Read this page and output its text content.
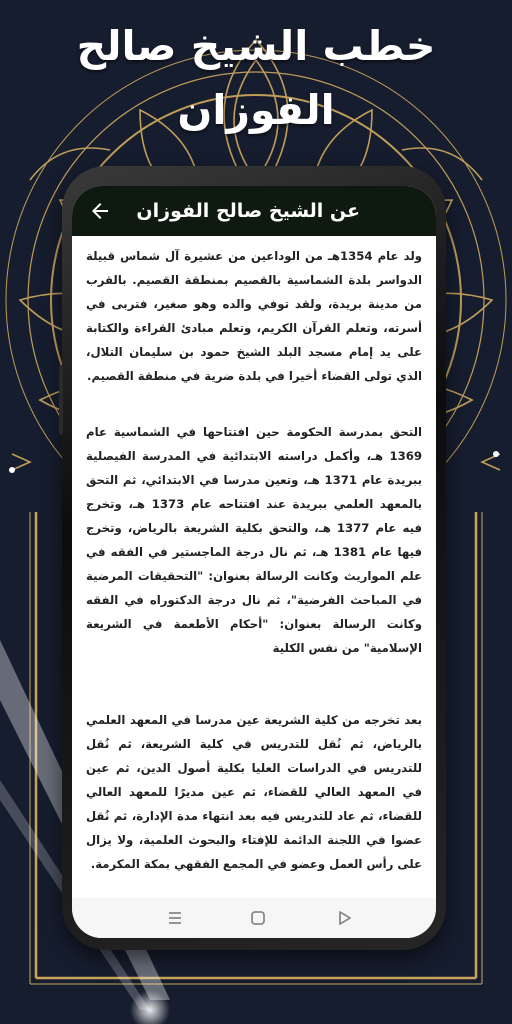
خطب الشيخ صالح الفوزان
عن الشيخ صالح الفوزان

ولد عام 1354هـ من الوداعين من عشيرة آل شماس قبيلة الدواسر بلدة الشماسية بالقصيم بمنطقة القصيم. بالقرب من مدينة بريدة، ولقد توفي والده وهو صغير، فتربى في أسرته، وتعلم القرآن الكريم، وتعلم مبادئ القراءة والكتابة على يد إمام مسجد البلد الشيخ حمود بن سليمان التلال، الذي تولى القضاء أخيرا في بلدة ضرية في منطقة القصيم.

التحق بمدرسة الحكومة حين افتتاحها في الشماسية عام 1369 هـ، وأكمل دراسته الابتدائية في المدرسة الفيصلية ببريدة عام 1371 هـ، وتعين مدرسا في الابتدائي، ثم التحق بالمعهد العلمي ببريدة عند افتتاحه عام 1373 هـ، وتخرج فيه عام 1377 هـ، والتحق بكلية الشريعة بالرياض، وتخرج فيها عام 1381 هـ، ثم نال درجة الماجستير في الفقه في علم المواريث وكانت الرسالة بعنوان: "التحقيقات المرضية في المباحث الفرضية"، ثم نال درجة الدكتوراه في الفقه وكانت الرسالة بعنوان: "أحكام الأطعمة في الشريعة الإسلامية" من نفس الكلية

بعد تخرجه من كلية الشريعة عين مدرسا في المعهد العلمي بالرياض، ثم نُقل للتدريس في كلية الشريعة، ثم نُقل للتدريس في الدراسات العليا بكلية أصول الدين، ثم عين في المعهد العالي للقضاء، ثم عين مديرًا للمعهد العالي للقضاء، ثم عاد للتدريس فيه بعد انتهاء مدة الإدارة، ثم نُقل عضوا في اللجنة الدائمة للإفتاء والبحوث العلمية، ولا يزال على رأس العمل وعضو في المجمع الفقهي بمكة المكرمة.
